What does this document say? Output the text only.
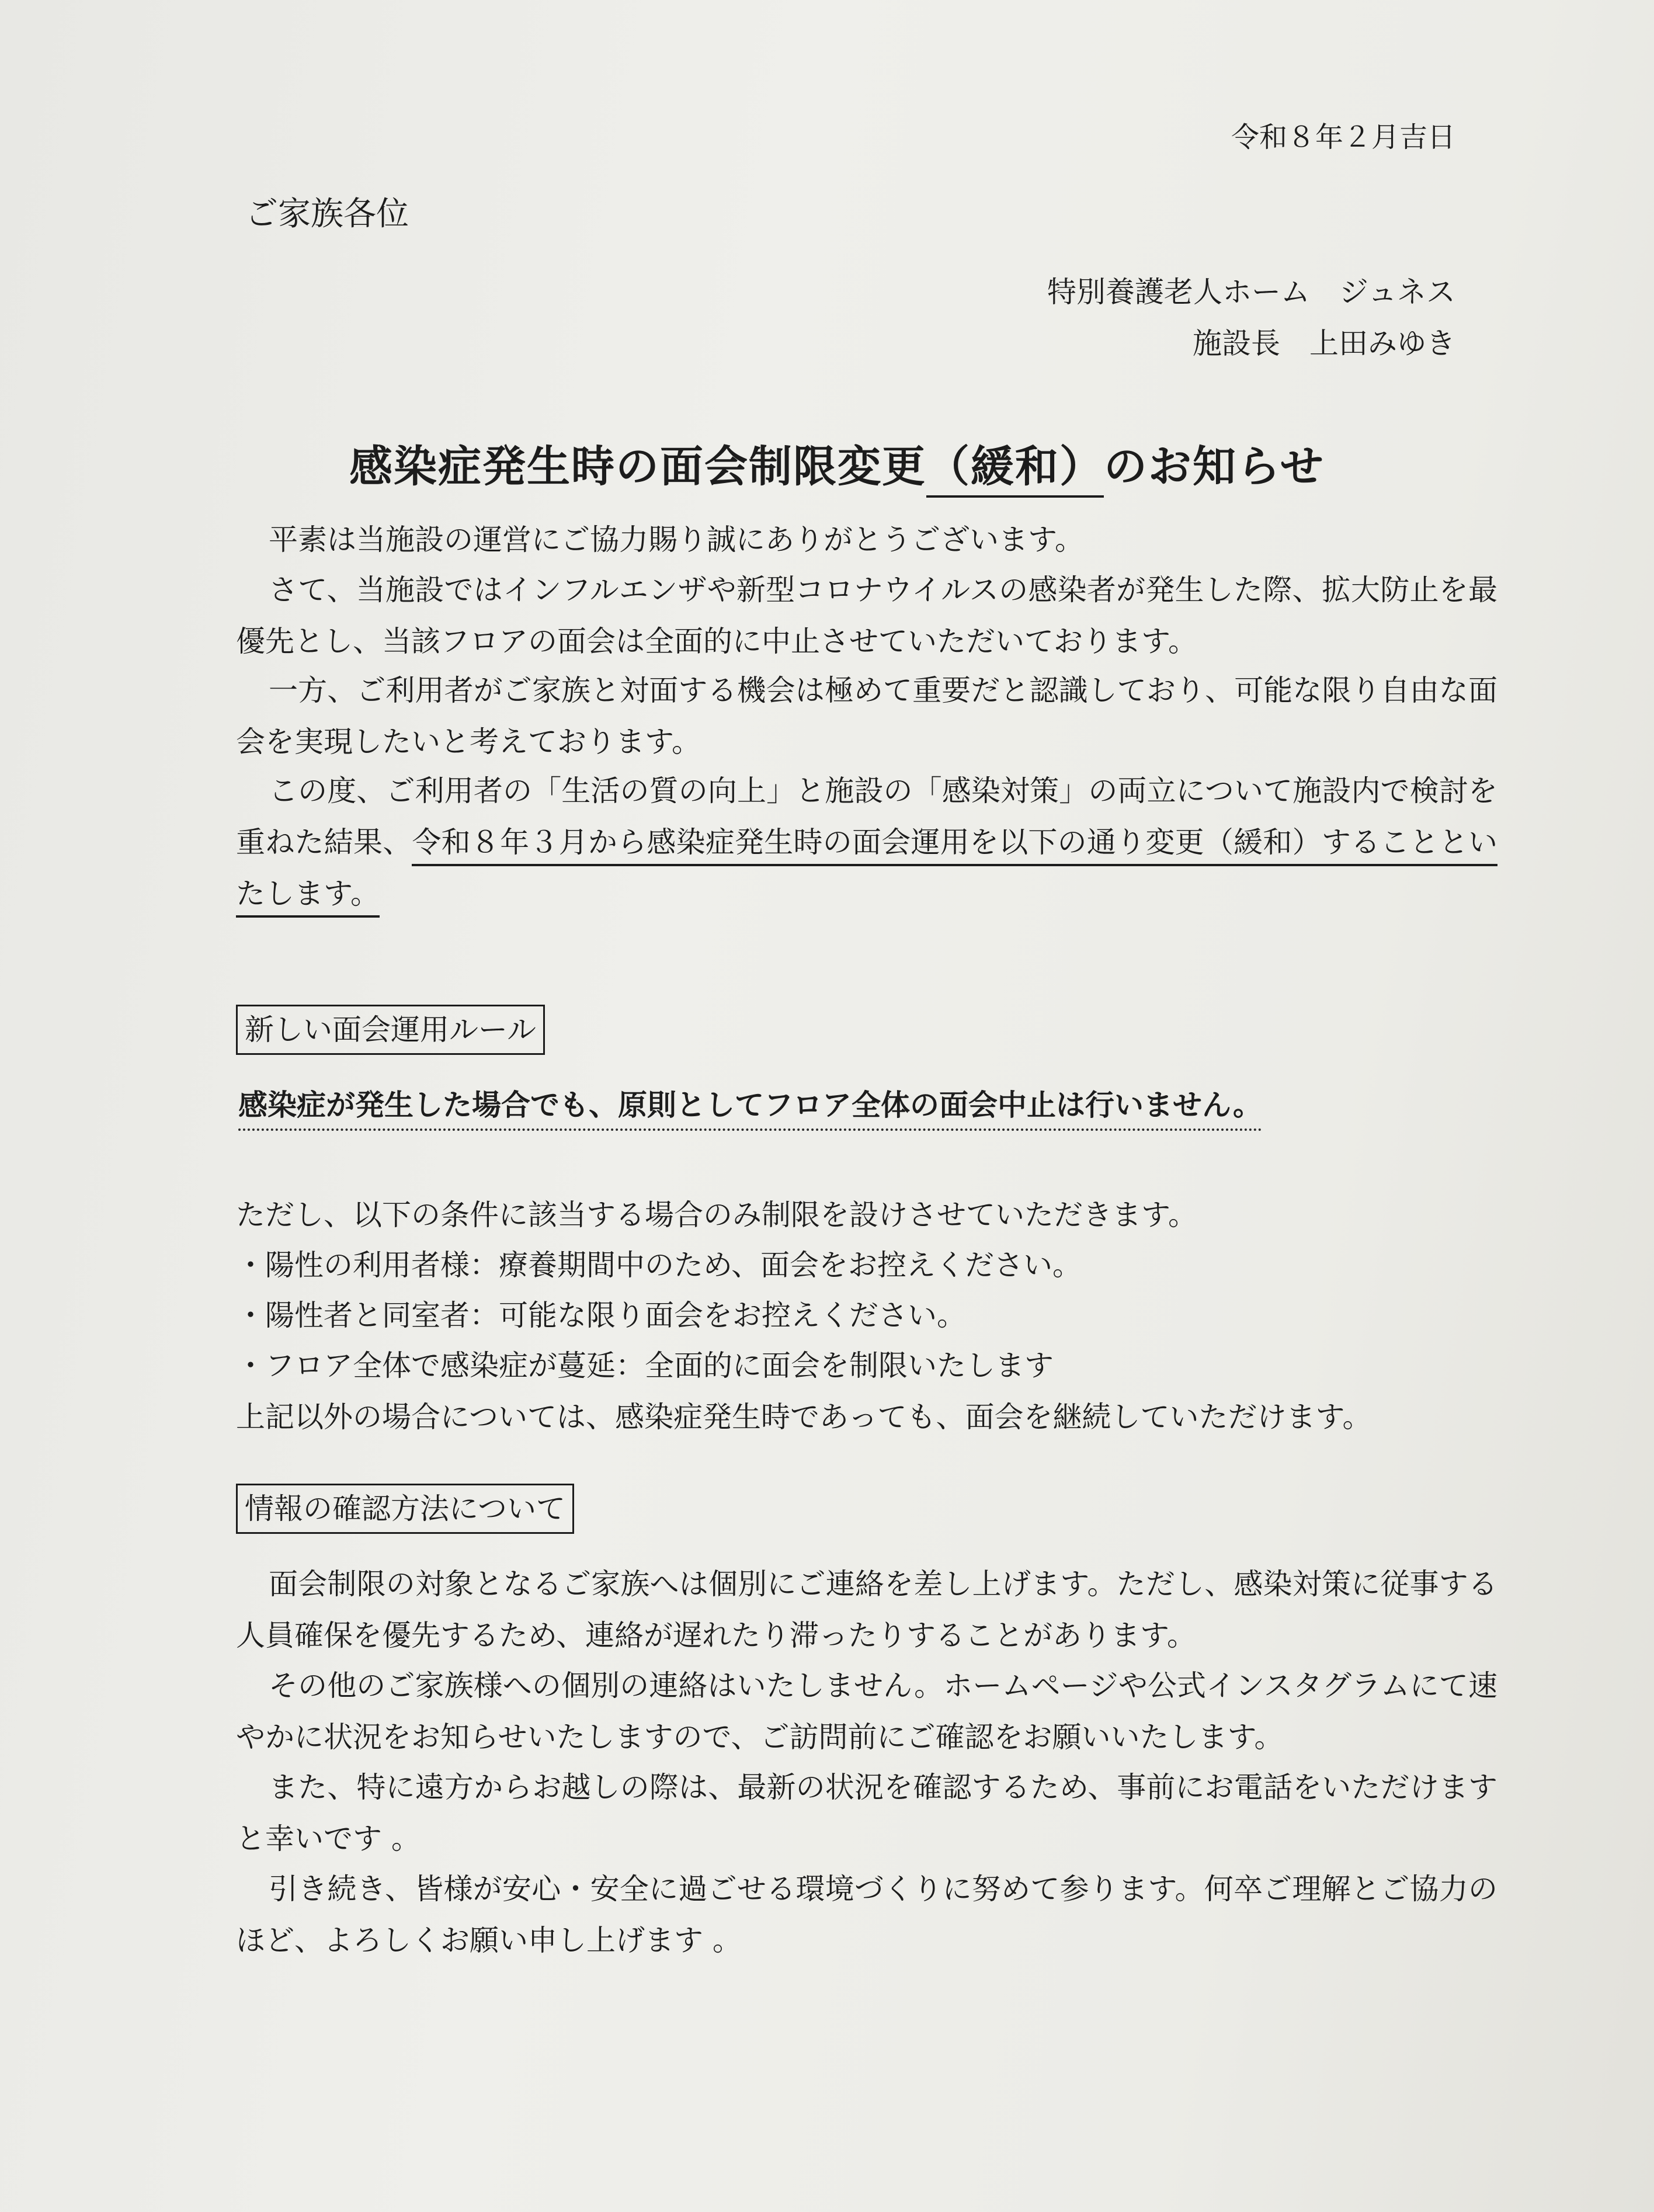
令和８年２月吉日
ご家族各位
特別養護老人ホーム　ジュネス
施設長　上田みゆき
感染症発生時の面会制限変更（緩和）のお知らせ
平素は当施設の運営にご協力賜り誠にありがとうございます。
さて、当施設ではインフルエンザや新型コロナウイルスの感染者が発生した際、拡大防止を最優先とし、当該フロアの面会は全面的に中止させていただいております。
一方、ご利用者がご家族と対面する機会は極めて重要だと認識しており、可能な限り自由な面会を実現したいと考えております。
この度、ご利用者の「生活の質の向上」と施設の「感染対策」の両立について施設内で検討を重ねた結果、令和８年３月から感染症発生時の面会運用を以下の通り変更（緩和）することといたします。
新しい面会運用ルール
感染症が発生した場合でも、原則としてフロア全体の面会中止は行いません。
ただし、以下の条件に該当する場合のみ制限を設けさせていただきます。
・陽性の利用者様：療養期間中のため、面会をお控えください。
・陽性者と同室者：可能な限り面会をお控えください。
・フロア全体で感染症が蔓延：全面的に面会を制限いたします
上記以外の場合については、感染症発生時であっても、面会を継続していただけます。
情報の確認方法について
面会制限の対象となるご家族へは個別にご連絡を差し上げます。ただし、感染対策に従事する人員確保を優先するため、連絡が遅れたり滞ったりすることがあります。
その他のご家族様への個別の連絡はいたしません。ホームページや公式インスタグラムにて速やかに状況をお知らせいたしますので、ご訪問前にご確認をお願いいたします。
また、特に遠方からお越しの際は、最新の状況を確認するため、事前にお電話をいただけますと幸いです 。
引き続き、皆様が安心・安全に過ごせる環境づくりに努めて参ります。何卒ご理解とご協力のほど、よろしくお願い申し上げます 。
